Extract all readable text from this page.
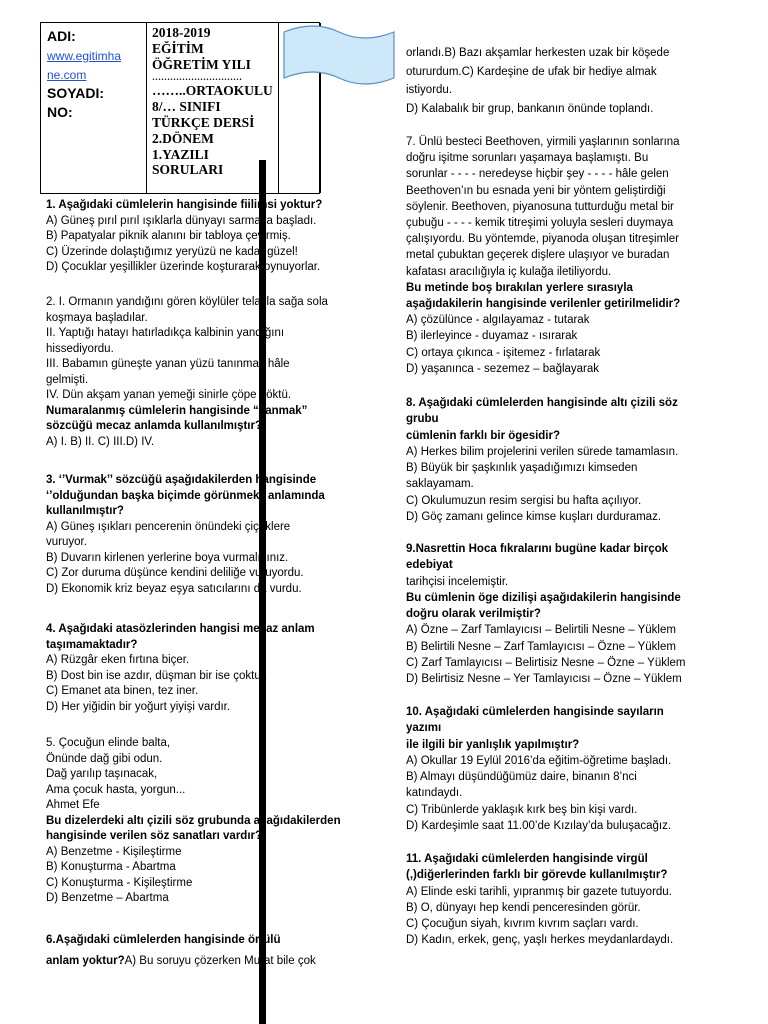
ADI:
www.egitimha
ne.com
SOYADI:
NO:
2018-2019
EĞİTİM
ÖĞRETİM YILI
…………………………
……..ORTAOKULU
8/… SINIFI
TÜRKÇE DERSİ
2.DÖNEM
1.YAZILI
SORULARI
1. Aşağıdaki cümlelerin hangisinde fiilimsi yoktur?
A) Güneş pırıl pırıl ışıklarla dünyayı sarmaya başladı.
B) Papatyalar piknik alanını bir tabloya çevirmiş.
C) Üzerinde dolaştığımız yeryüzü ne kadar güzel!
D) Çocuklar yeşillikler üzerinde koşturarak oynuyorlar.
2. I. Ormanın yandığını gören köylüler telaşla sağa sola
koşmaya başladılar.
II. Yaptığı hatayı hatırladıkça kalbinin yandığını
hissediyordu.
III. Babamın güneşte yanan yüzü tanınmaz hâle
gelmişti.
IV. Dün akşam yanan yemeği sinirle çöpe döktü.
Numaralanmış cümlelerin hangisinde “yanmak”
sözcüğü mecaz anlamda kullanılmıştır?
A) I. B) II. C) III.D) IV.
3. ‘’Vurmak’’ sözcüğü aşağıdakilerden hangisinde
‘’olduğundan başka biçimde görünmek’’ anlamında
kullanılmıştır?
A) Güneş ışıkları pencerenin önündeki çiçeklere
vuruyor.
B) Duvarın kirlenen yerlerine boya vurmalısınız.
C) Zor duruma düşünce kendini deliliğe vuruyordu.
D) Ekonomik kriz beyaz eşya satıcılarını da vurdu.
4. Aşağıdaki atasözlerinden hangisi mecaz anlam
taşımamaktadır?
A) Rüzgâr eken fırtına biçer.
B) Dost bin ise azdır, düşman bir ise çoktur.
C) Emanet ata binen, tez iner.
D) Her yiğidin bir yoğurt yiyişi vardır.
5. Çocuğun elinde balta,
Önünde dağ gibi odun.
Dağ yarılıp taşınacak,
Ama çocuk hasta, yorgun...
Ahmet Efe
Bu dizelerdeki altı çizili söz grubunda aşağıdakilerden
hangisinde verilen söz sanatları vardır?
A) Benzetme - Kişileştirme
B) Konuşturma - Abartma
C) Konuşturma - Kişileştirme
D) Benzetme – Abartma
6.Aşağıdaki cümlelerden hangisinde örtülü
anlam yoktur?A) Bu soruyu çözerken Murat bile çok
orlandı.B) Bazı akşamlar herkesten uzak bir köşede
otururdum.C) Kardeşine de ufak bir hediye almak
istiyordu.
D) Kalabalık bir grup, bankanın önünde toplandı.
7. Ünlü besteci Beethoven, yirmili yaşlarının sonlarına
doğru işitme sorunları yaşamaya başlamıştı. Bu
sorunlar - - - - neredeyse hiçbir şey - - - - hâle gelen
Beethoven’ın bu esnada yeni bir yöntem geliştirdiği
söylenir. Beethoven, piyanosuna tutturduğu metal bir
çubuğu - - - - kemik titreşimi yoluyla sesleri duymaya
çalışıyordu. Bu yöntemde, piyanoda oluşan titreşimler
metal çubuktan geçerek dişlere ulaşıyor ve buradan
kafatası aracılığıyla iç kulağa iletiliyordu.
Bu metinde boş bırakılan yerlere sırasıyla
aşağıdakilerin hangisinde verilenler getirilmelidir?
A) çözülünce - algılayamaz - tutarak
B) ilerleyince - duyamaz - ısırarak
C) ortaya çıkınca - işitemez - fırlatarak
D) yaşanınca - sezemez – bağlayarak
8. Aşağıdaki cümlelerden hangisinde altı çizili söz
grubu
cümlenin farklı bir ögesidir?
A) Herkes bilim projelerini verilen sürede tamamlasın.
B) Büyük bir şaşkınlık yaşadığımızı kimseden
saklayamam.
C) Okulumuzun resim sergisi bu hafta açılıyor.
D) Göç zamanı gelince kimse kuşları durduramaz.
9.Nasrettin Hoca fıkralarını bugüne kadar birçok
edebiyat
tarihçisi incelemiştir.
Bu cümlenin öge dizilişi aşağıdakilerin hangisinde
doğru olarak verilmiştir?
A) Özne – Zarf Tamlayıcısı – Belirtili Nesne – Yüklem
B) Belirtili Nesne – Zarf Tamlayıcısı – Özne – Yüklem
C) Zarf Tamlayıcısı – Belirtisiz Nesne – Özne – Yüklem
D) Belirtisiz Nesne – Yer Tamlayıcısı – Özne – Yüklem
10. Aşağıdaki cümlelerden hangisinde sayıların
yazımı
ile ilgili bir yanlışlık yapılmıştır?
A) Okullar 19 Eylül 2016’da eğitim-öğretime başladı.
B) Almayı düşündüğümüz daire, binanın 8’nci
katındaydı.
C) Tribünlerde yaklaşık kırk beş bin kişi vardı.
D) Kardeşimle saat 11.00’de Kızılay’da buluşacağız.
11. Aşağıdaki cümlelerden hangisinde virgül
(,)diğerlerinden farklı bir görevde kullanılmıştır?
A) Elinde eski tarihli, yıpranmış bir gazete tutuyordu.
B) O, dünyayı hep kendi penceresinden görür.
C) Çocuğun siyah, kıvrım kıvrım saçları vardı.
D) Kadın, erkek, genç, yaşlı herkes meydanlardaydı.
